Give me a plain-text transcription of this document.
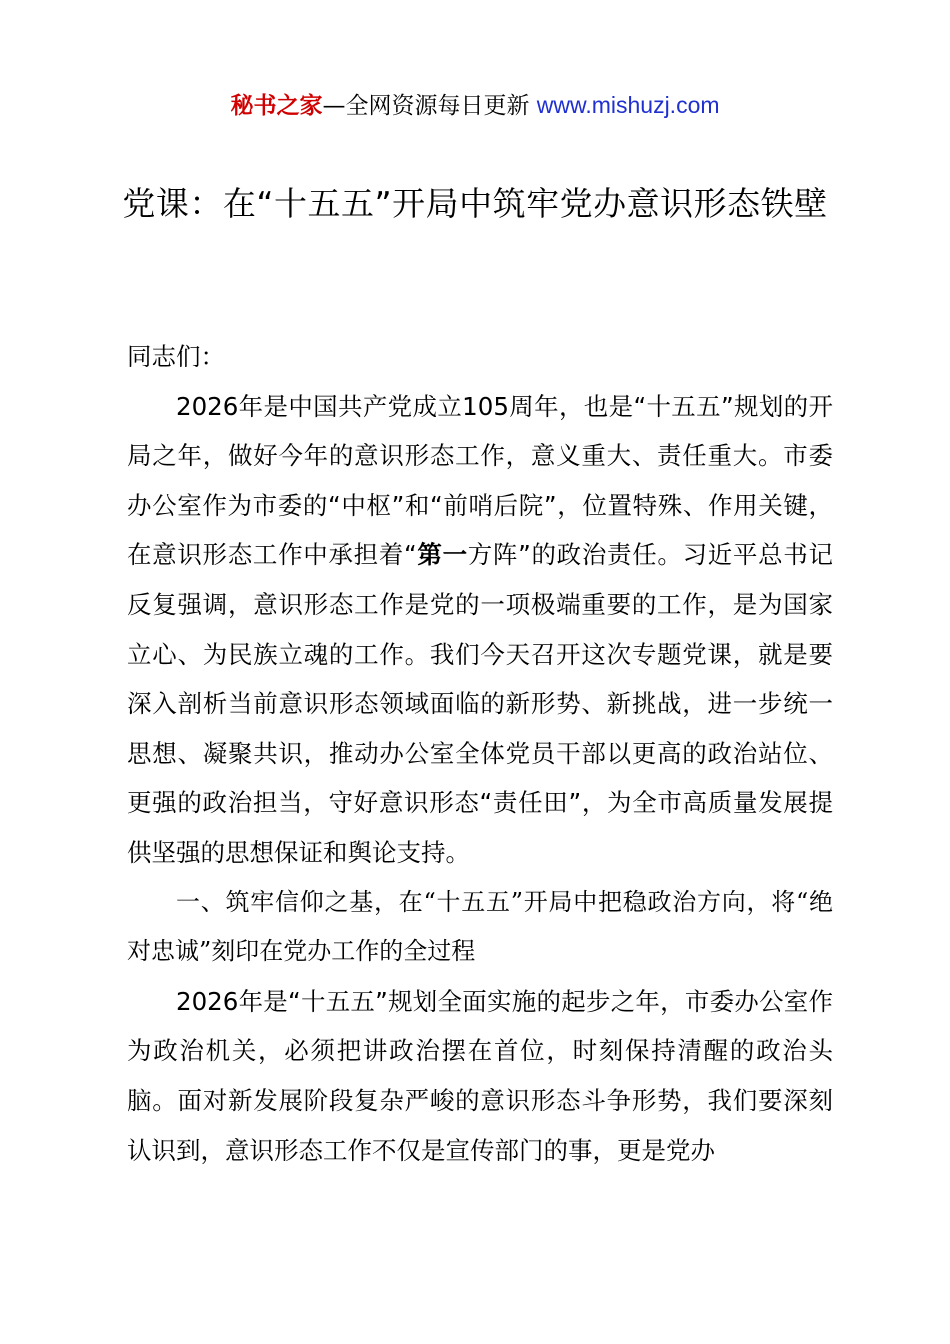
秘书之家—全网资源每日更新 www.mishuzj.com
党课：在“十五五”开局中筑牢党办意识形态铁壁

同志们：

2026年是中国共产党成立105周年，也是“十五五”规划的开局之年，做好今年的意识形态工作，意义重大、责任重大。市委办公室作为市委的“中枢”和“前哨后院”，位置特殊、作用关键，在意识形态工作中承担着“第一方阵”的政治责任。习近平总书记反复强调，意识形态工作是党的一项极端重要的工作，是为国家立心、为民族立魂的工作。我们今天召开这次专题党课，就是要深入剖析当前意识形态领域面临的新形势、新挑战，进一步统一思想、凝聚共识，推动办公室全体党员干部以更高的政治站位、更强的政治担当，守好意识形态“责任田”，为全市高质量发展提供坚强的思想保证和舆论支持。

一、筑牢信仰之基，在“十五五”开局中把稳政治方向，将“绝对忠诚”刻印在党办工作的全过程

2026年是“十五五”规划全面实施的起步之年，市委办公室作为政治机关，必须把讲政治摆在首位，时刻保持清醒的政治头脑。面对新发展阶段复杂严峻的意识形态斗争形势，我们要深刻认识到，意识形态工作不仅是宣传部门的事，更是党办
